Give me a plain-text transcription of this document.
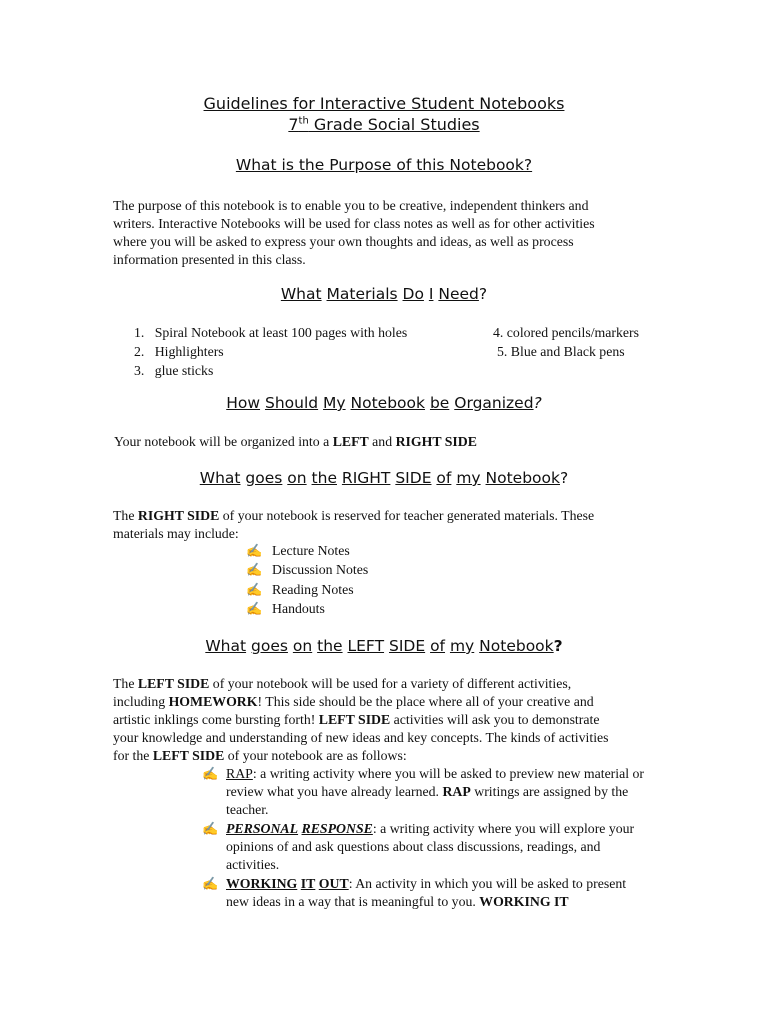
Guidelines for Interactive Student Notebooks
7th Grade Social Studies
What is the Purpose of this Notebook?
The purpose of this notebook is to enable you to be creative, independent thinkers and
writers. Interactive Notebooks will be used for class notes as well as for other activities
where you will be asked to express your own thoughts and ideas, as well as process
information presented in this class.
What Materials Do I Need?
1.   Spiral Notebook at least 100 pages with holes
2.   Highlighters
3.   glue sticks
4. colored pencils/markers
5. Blue and Black pens
How Should My Notebook be Organized?
Your notebook will be organized into a LEFT and RIGHT SIDE
What goes on the RIGHT SIDE of my Notebook?
The RIGHT SIDE of your notebook is reserved for teacher generated materials. These
materials may include:
✍ Lecture Notes
✍ Discussion Notes
✍ Reading Notes
✍ Handouts
What goes on the LEFT SIDE of my Notebook?
The LEFT SIDE of your notebook will be used for a variety of different activities,
including HOMEWORK! This side should be the place where all of your creative and
artistic inklings come bursting forth! LEFT SIDE activities will ask you to demonstrate
your knowledge and understanding of new ideas and key concepts. The kinds of activities
for the LEFT SIDE of your notebook are as follows:
✍ RAP: a writing activity where you will be asked to preview new material or review what you have already learned. RAP writings are assigned by the teacher.
✍ PERSONAL RESPONSE: a writing activity where you will explore your opinions of and ask questions about class discussions, readings, and activities.
✍ WORKING IT OUT: An activity in which you will be asked to present new ideas in a way that is meaningful to you. WORKING IT
